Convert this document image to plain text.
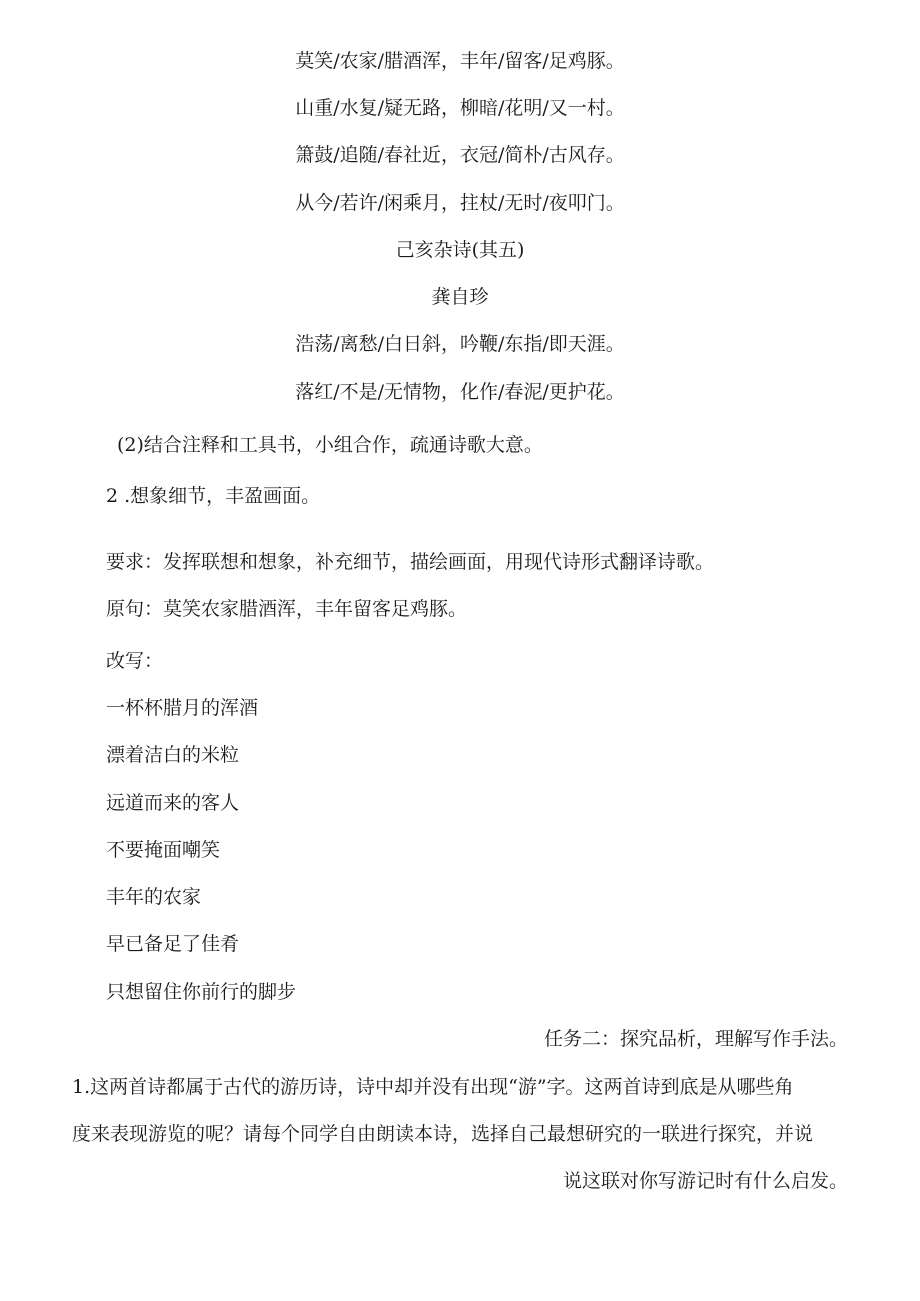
莫笑/农家/腊酒浑，丰年/留客/足鸡豚。
山重/水复/疑无路，柳暗/花明/又一村。
箫鼓/追随/春社近，衣冠/简朴/古风存。
从今/若许/闲乘月，拄杖/无时/夜叩门。
己亥杂诗(其五)
龚自珍
浩荡/离愁/白日斜，吟鞭/东指/即天涯。
落红/不是/无情物，化作/春泥/更护花。
(2)结合注释和工具书，小组合作，疏通诗歌大意。
2 .想象细节，丰盈画面。
要求：发挥联想和想象，补充细节，描绘画面，用现代诗形式翻译诗歌。
原句：莫笑农家腊酒浑，丰年留客足鸡豚。
改写：
一杯杯腊月的浑酒
漂着洁白的米粒
远道而来的客人
不要掩面嘲笑
丰年的农家
早已备足了佳肴
只想留住你前行的脚步
任务二：探究品析，理解写作手法。
1.这两首诗都属于古代的游历诗，诗中却并没有出现“游”字。这两首诗到底是从哪些角
度来表现游览的呢？请每个同学自由朗读本诗，选择自己最想研究的一联进行探究，并说
说这联对你写游记时有什么启发。
